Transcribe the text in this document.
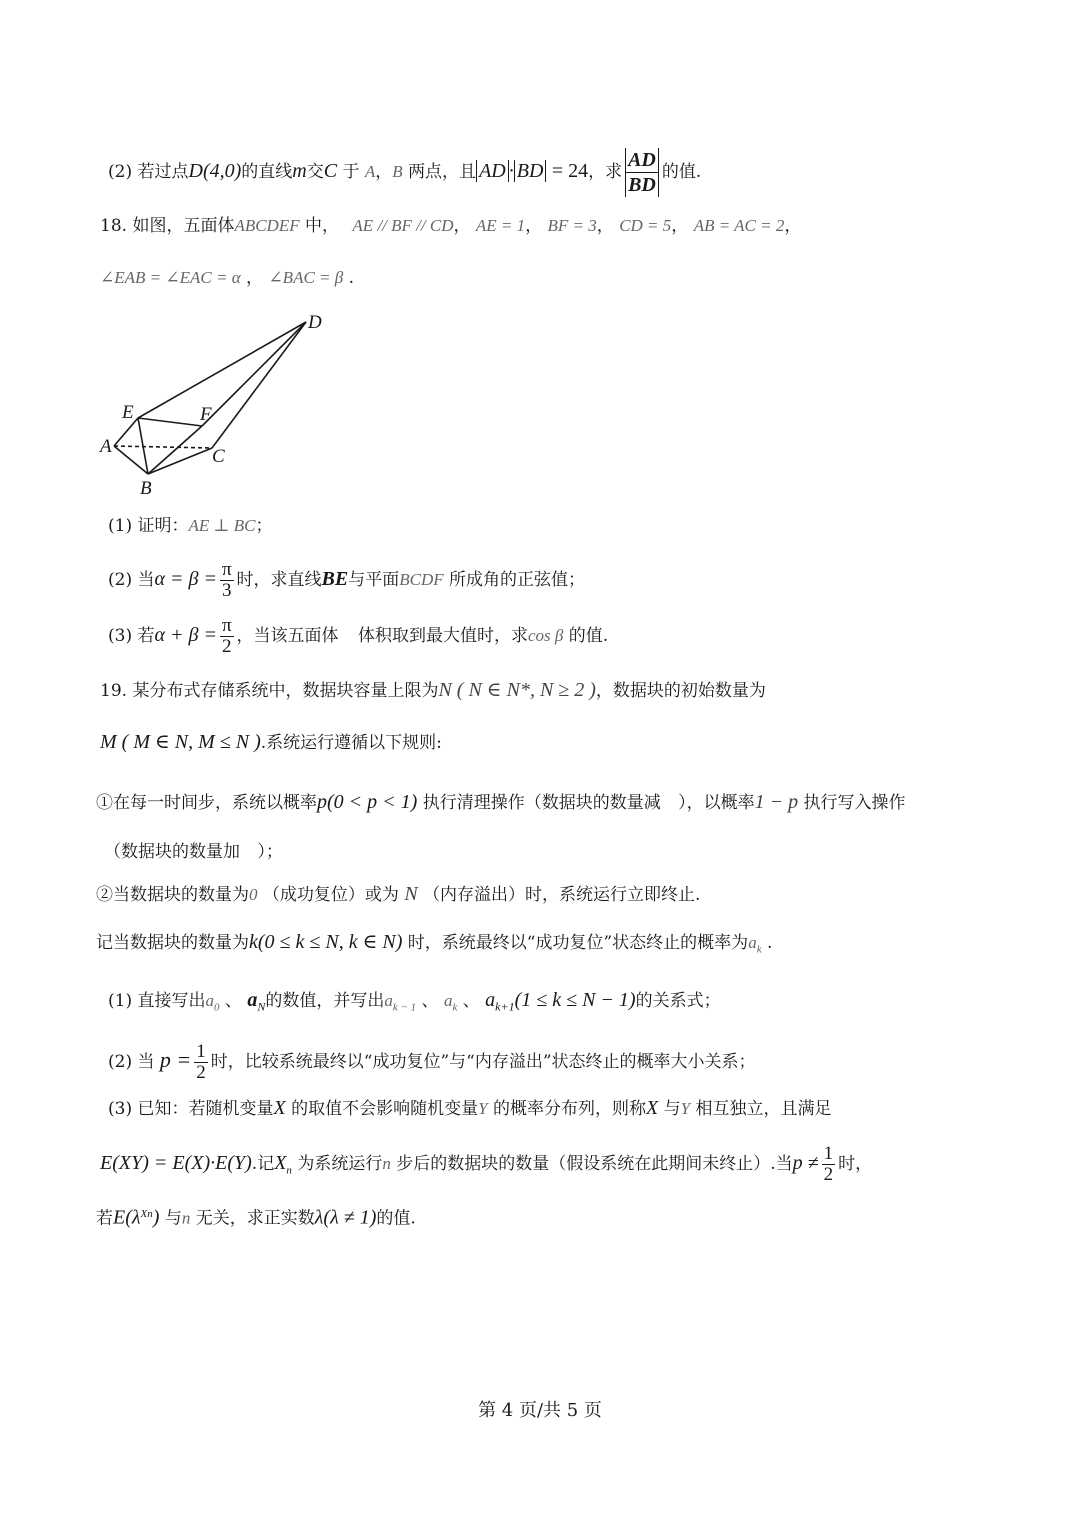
(2) 若过点D(4,0)的直线m交C 于 A，B 两点，且 AD · BD = 24，求 $\frac{AD}{BD}$ 的值.
18. 如图，五面体ABCDEF 中， AE // BF // CD， AE = 1， BF = 3， CD = 5， AB = AC = 2，
∠EAB = ∠EAC = α ， ∠BAC = β .
D
E	F
A	C
B
(1) 证明：AE ⊥ BC；
(2) 当$\alpha = \beta = \frac{\pi}{3}$ 时，求直线BE与平面BCDF 所成角的正弦值；
(3) 若$\alpha + \beta = \frac{\pi}{2}$ ，当该五面体 体积取到最大值时，求cos β 的值.
19. 某分布式存储系统中，数据块容量上限为N ( N ∈ N*, N ≥ 2 )，数据块的初始数量为
M ( M ∈ N, M ≤ N ).系统运行遵循以下规则:
①在每一时间步，系统以概率p(0 < p < 1) 执行清理操作（数据块的数量减 ），以概率1 − p 执行写入操作
（数据块的数量加 ）；
②当数据块的数量为0 （成功复位）或为 N （内存溢出）时，系统运行立即终止.
记当数据块的数量为k(0 ≤ k ≤ N, k ∈ N) 时，系统最终以“成功复位”状态终止的概率为$a_k$ .
(1) 直接写出$a_0$ 、 $a_N$的数值，并写出$a_{k - 1}$ 、 $a_k$ 、 $a_{k+1}(1 \le k \le N - 1)$的关系式；
(2) 当 $p = \frac{1}{2}$ 时，比较系统最终以“成功复位”与“内存溢出”状态终止的概率大小关系；
(3) 已知：若随机变量X 的取值不会影响随机变量Y 的概率分布列，则称X 与Y 相互独立，且满足
E(XY) = E(X)·E(Y).记$X_n$ 为系统运行n 步后的数据块的数量（假设系统在此期间未终止）.当$p \ne \frac{1}{2}$ 时，
若$E(\lambda^{Xn})$ 与n 无关，求正实数λ(λ ≠ 1)的值.
第 4 页/共 5 页
